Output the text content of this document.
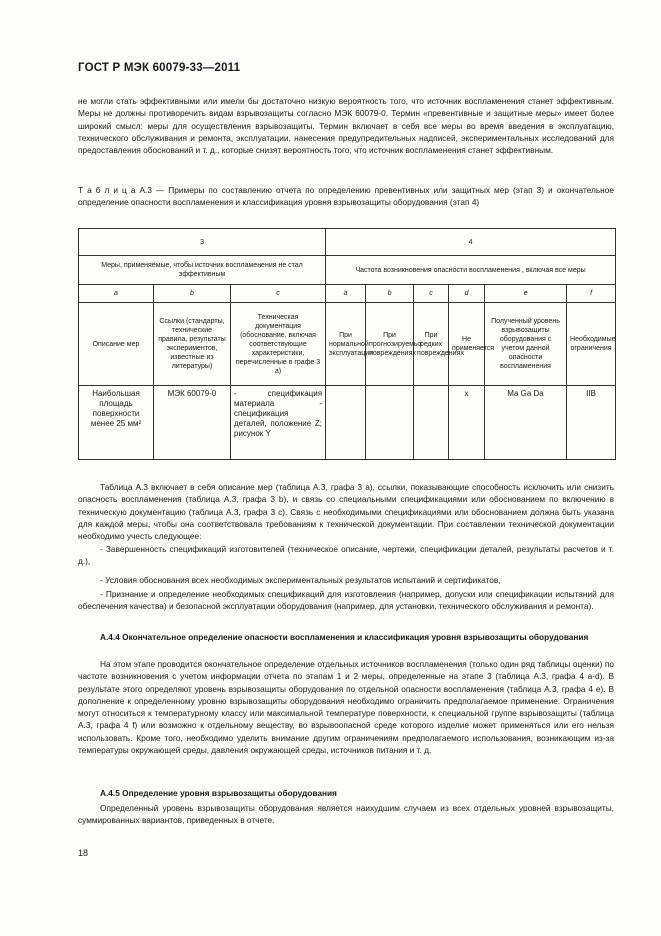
ГОСТ Р МЭК 60079-33—2011
не могли стать эффективными или имели бы достаточно низкую вероятность того, что источник воспламенения станет эффективным. Меры не должны противоречить видам взрывозащиты согласно МЭК 60079-0. Термин «превентивные и защитные меры» имеет более широкий смысл: меры для осуществления взрывозащиты. Термин включает в себя все меры во время введения в эксплуатацию, технического обслуживания и ремонта, эксплуатации, нанесения предупредительных надписей, экспериментальных исследований для предоставления обоснований и т. д., которые снизят вероятность того, что источник воспламенения станет эффективным.
Т а б л и ц а А.3 — Примеры по составлению отчета по определению превентивных или защитных мер (этап 3) и окончательное определение опасности воспламенения и классификация уровня взрывозащиты оборудования (этап 4)
3			4					
Меры, применяемые, чтобы источник воспламенения не стал эффективным			Частота возникновения опасности воспламенения , включая все меры					
a	b	c	a	b	c	d	e	f
Описание мер	Ссылки (стандарты, технические правила, результаты экспериментов, известные из литературы)	Техническая документация (обоснование, включая соответствующие характеристики, перечисленные в графе 3 a)	При нормальной эксплуатации	При прогнозируемых повреждениях	При редких повреждениях	Не применяется	Полученный уровень взрывозащиты оборудования с учетом данной опасности воспламенения	Необходимые ограничения
Наибольшая площадь поверхности менее 25 мм²	МЭК 60079-0	- спецификация материала - спецификация деталей, положение Z; рисунок Y				x	Ma Ga Da	IIB
Таблица А.3 включает в себя описание мер (таблица А.3, графа 3 а), ссылки, показывающие способность исключить или снизить опасность воспламенения (таблица А.3, графа 3 b), и связь со специальными спецификациями или обоснованием по включению в техническую документацию (таблица А.3, графа 3 c). Связь с необходимыми спецификациями или обоснованием должна быть указана для каждой меры, чтобы она соответствовала требованиям к технической документации. При составлении технической документации необходимо учесть следующее:
- Завершенность спецификаций изготовителей (техническое описание, чертежи, спецификации деталей, результаты расчетов и т. д.),
- Условия обоснования всех необходимых экспериментальных результатов испытаний и сертификатов,
- Признание и определение необходимых спецификаций для изготовления (например, допуски или спецификации испытаний для обеспечения качества) и безопасной эксплуатации оборудования (например, для установки, технического обслуживания и ремонта).
А.4.4 Окончательное определение опасности воспламенения и классификация уровня взрывозащиты оборудования
На этом этапе проводится окончательное определение отдельных источников воспламенения (только один ряд таблицы оценки) по частоте возникновения с учетом информации отчета по этапам 1 и 2 меры, определенные на этапе 3 (таблица А.3, графа 4 a-d). В результате этого определяют уровень взрывозащиты оборудования по отдельной опасности воспламенения (таблица А.3, графа 4 e). В дополнение к определенному уровню взрывозащиты оборудования необходимо ограничить предполагаемое применение. Ограничения могут относиться к температурному классу или максимальной температуре поверхности, к специальной группе взрывозащиты (таблица А.3, графа 4 f) или возможно к отдельному веществу, во взрывоопасной среде которого изделие может применяться или его нельзя использовать. Кроме того, необходимо уделить внимание другим ограничениям предполагаемого использования, возникающим из-за температуры окружающей среды, давления окружающей среды, источников питания и т. д.
А.4.5 Определение уровня взрывозащиты оборудования
Определенный уровень взрывозащиты оборудования является наихудшим случаем из всех отдельных уровней взрывозащиты, суммированных вариантов, приведенных в отчете.
18
